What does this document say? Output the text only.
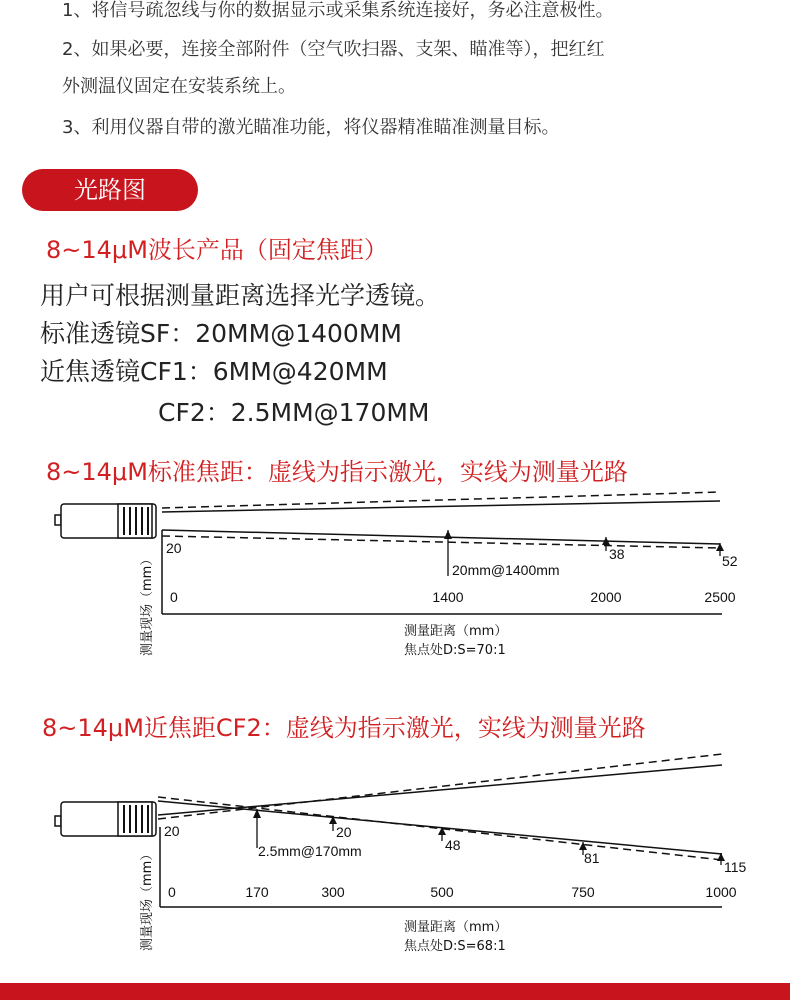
1、将信号疏忽线与你的数据显示或采集系统连接好，务必注意极性。
2、如果必要，连接全部附件（空气吹扫器、支架、瞄准等），把红红
外测温仪固定在安装系统上。
3、利用仪器自带的激光瞄准功能，将仪器精准瞄准测量目标。
光路图
8~14μM波长产品（固定焦距）
用户可根据测量距离选择光学透镜。
标准透镜SF：20MM@1400MM
近焦透镜CF1：6MM@420MM
CF2：2.5MM@170MM
8~14μM标准焦距：虚线为指示激光，实线为测量光路
20
20mm@1400mm
38	52
0	1400	2000	2500
测量现场（mm）	测量距离（mm）
焦点处D:S=70:1
8~14μM近焦距CF2：虚线为指示激光，实线为测量光路
20
2.5mm@170mm
20
48
81
115
0	170	300	500	750	1000
测量现场（mm）	测量距离（mm）
焦点处D:S=68:1
